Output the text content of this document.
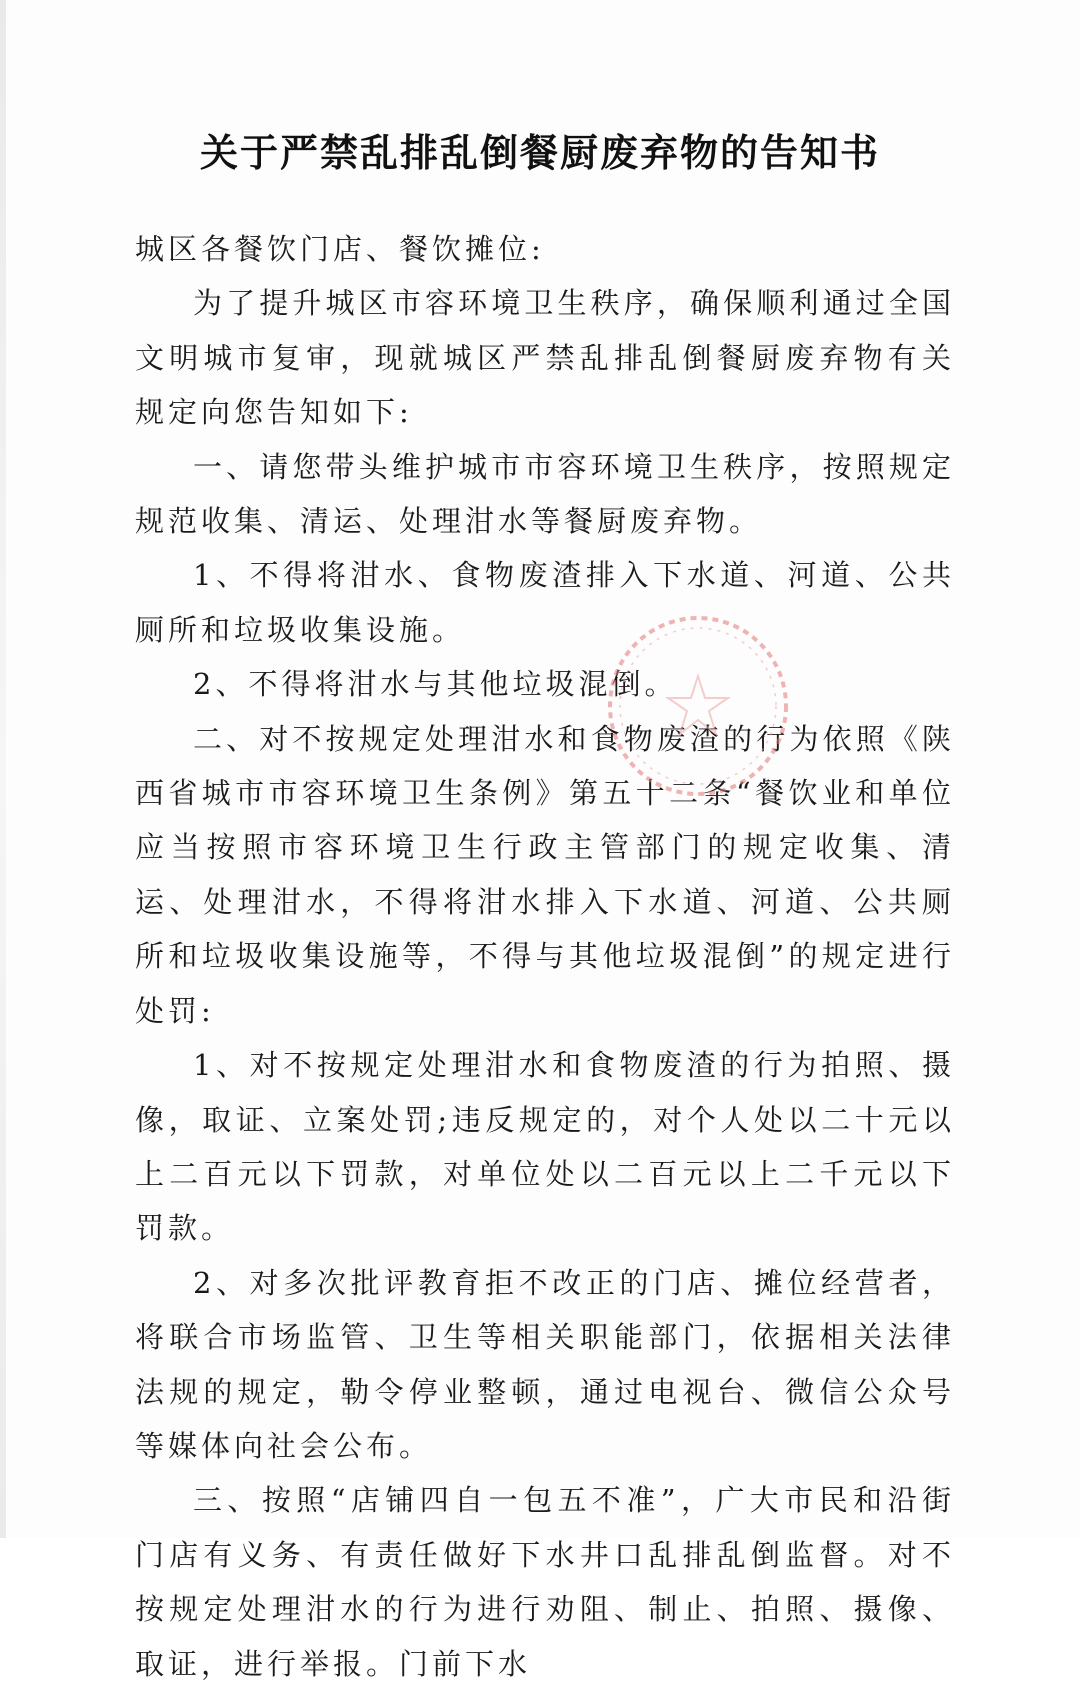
关于严禁乱排乱倒餐厨废弃物的告知书

城区各餐饮门店、餐饮摊位:

为了提升城区市容环境卫生秩序，确保顺利通过全国文明城市复审，现就城区严禁乱排乱倒餐厨废弃物有关规定向您告知如下:

一、请您带头维护城市市容环境卫生秩序，按照规定规范收集、清运、处理泔水等餐厨废弃物。

1、不得将泔水、食物废渣排入下水道、河道、公共厕所和垃圾收集设施。

2、不得将泔水与其他垃圾混倒。

二、对不按规定处理泔水和食物废渣的行为依照《陕西省城市市容环境卫生条例》第五十二条“餐饮业和单位应当按照市容环境卫生行政主管部门的规定收集、清运、处理泔水，不得将泔水排入下水道、河道、公共厕所和垃圾收集设施等，不得与其他垃圾混倒”的规定进行处罚:

1、对不按规定处理泔水和食物废渣的行为拍照、摄像，取证、立案处罚;违反规定的，对个人处以二十元以上二百元以下罚款，对单位处以二百元以上二千元以下罚款。

2、对多次批评教育拒不改正的门店、摊位经营者，将联合市场监管、卫生等相关职能部门，依据相关法律法规的规定，勒令停业整顿，通过电视台、微信公众号等媒体向社会公布。

三、按照“店铺四自一包五不准”，广大市民和沿街门店有义务、有责任做好下水井口乱排乱倒监督。对不按规定处理泔水的行为进行劝阻、制止、拍照、摄像、取证，进行举报。门前下水
